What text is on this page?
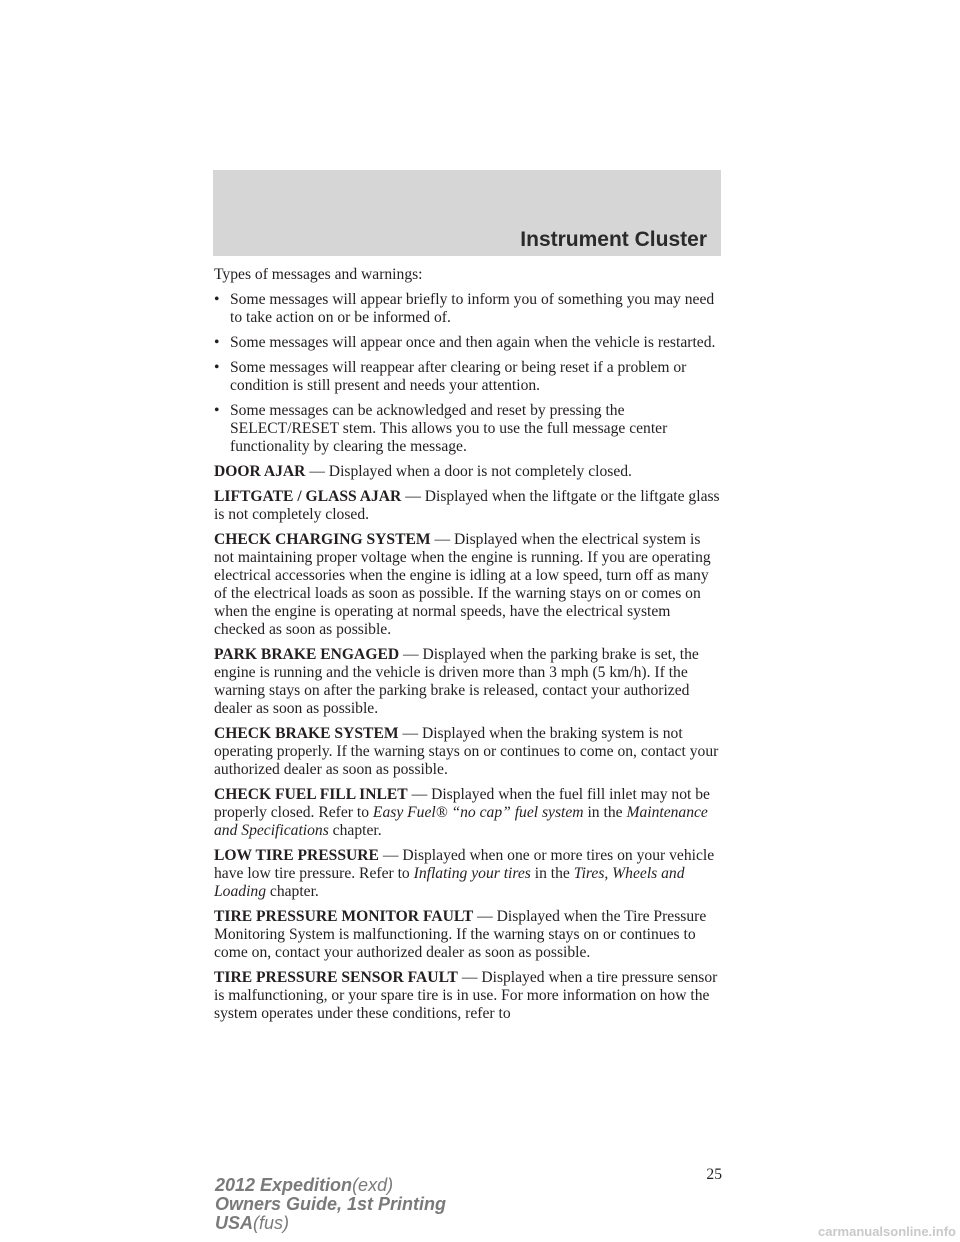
Instrument Cluster

Types of messages and warnings:

• Some messages will appear briefly to inform you of something you may need to take action on or be informed of.
• Some messages will appear once and then again when the vehicle is restarted.
• Some messages will reappear after clearing or being reset if a problem or condition is still present and needs your attention.
• Some messages can be acknowledged and reset by pressing the SELECT/RESET stem. This allows you to use the full message center functionality by clearing the message.

DOOR AJAR — Displayed when a door is not completely closed.

LIFTGATE / GLASS AJAR — Displayed when the liftgate or the liftgate glass is not completely closed.

CHECK CHARGING SYSTEM — Displayed when the electrical system is not maintaining proper voltage when the engine is running. If you are operating electrical accessories when the engine is idling at a low speed, turn off as many of the electrical loads as soon as possible. If the warning stays on or comes on when the engine is operating at normal speeds, have the electrical system checked as soon as possible.

PARK BRAKE ENGAGED — Displayed when the parking brake is set, the engine is running and the vehicle is driven more than 3 mph (5 km/h). If the warning stays on after the parking brake is released, contact your authorized dealer as soon as possible.

CHECK BRAKE SYSTEM — Displayed when the braking system is not operating properly. If the warning stays on or continues to come on, contact your authorized dealer as soon as possible.

CHECK FUEL FILL INLET — Displayed when the fuel fill inlet may not be properly closed. Refer to Easy Fuel® “no cap” fuel system in the Maintenance and Specifications chapter.

LOW TIRE PRESSURE — Displayed when one or more tires on your vehicle have low tire pressure. Refer to Inflating your tires in the Tires, Wheels and Loading chapter.

TIRE PRESSURE MONITOR FAULT — Displayed when the Tire Pressure Monitoring System is malfunctioning. If the warning stays on or continues to come on, contact your authorized dealer as soon as possible.

TIRE PRESSURE SENSOR FAULT — Displayed when a tire pressure sensor is malfunctioning, or your spare tire is in use. For more information on how the system operates under these conditions, refer to

25
2012 Expedition(exd)
Owners Guide, 1st Printing
USA(fus)	carmanualsonline.info
